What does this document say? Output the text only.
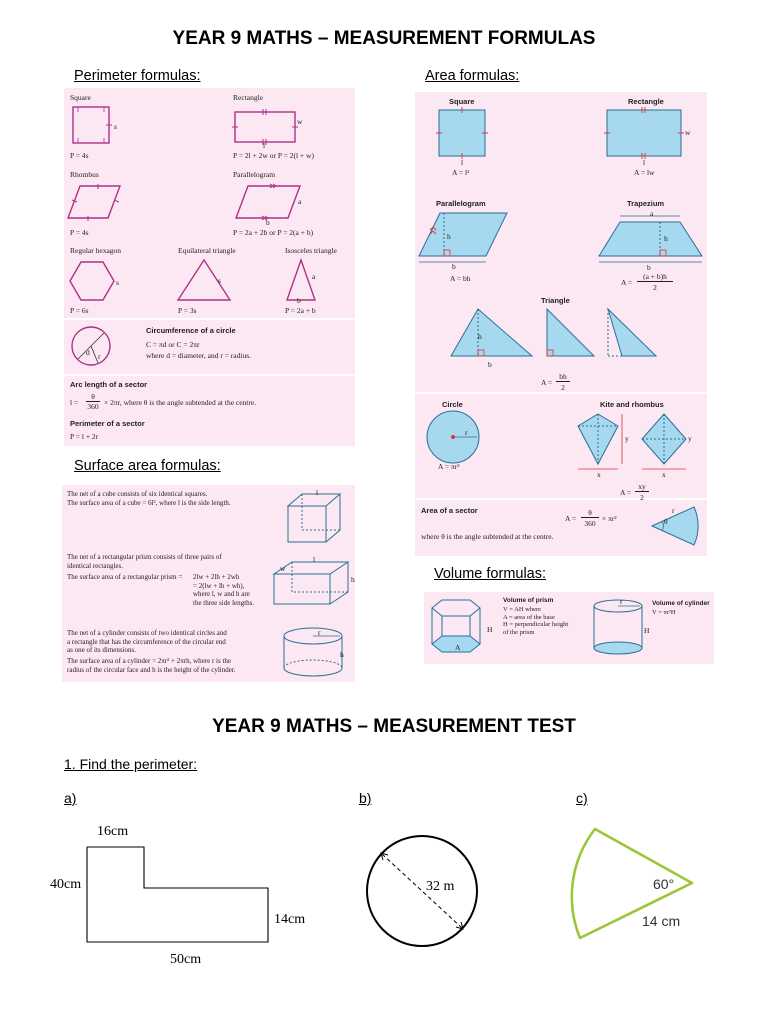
YEAR 9 MATHS – MEASUREMENT FORMULAS
Perimeter formulas:
Square
s
P = 4s
Rectangle
w
l
P = 2l + 2w or P = 2(l + w)
Rhombus
P = 4s
Parallelogram
b
a
P = 2a + 2b or P = 2(a + b)
Regular hexagon
s
P = 6s
Equilateral triangle
s
P = 3s
Isosceles triangle
a
b
P = 2a + b
d r
Circumference of a circle
C = πd or C = 2πr
where d = diameter, and r = radius.
Arc length of a sector
l =
θ
360 × 2πr, where θ is the angle subtended at the centre.
Perimeter of a sector
P = l + 2r
Area formulas:
Square
l
A = l²
Rectangle
w
l
A = lw
Parallelogram
h
b
A = bh
Trapezium
a
h
b
A =
(a + b)h
2
Triangle
h
b
A =
bh
2
Circle
r
A = πr²
Kite and rhombus
y	y
x	x
A =
xy
2
Area of a sector
A =
θ
360
× πr²
where θ is the angle subtended at the centre.
θ
r
Surface area formulas:
The net of a cube consists of six identical squares.
The surface area of a cube = 6l², where l is the side length.
l
The net of a rectangular prism consists of three pairs of
identical rectangles.
The surface area of a rectangular prism = 2lw + 2lh + 2wh
= 2(lw + lh + wh),
where l, w and h are
the three side lengths.
l
w
h
The net of a cylinder consists of two identical circles and
a rectangle that has the circumference of the circular end
as one of its dimensions.
The surface area of a cylinder = 2πr² + 2πrh, where r is the
radius of the circular face and h is the height of the cylinder.
h
r
Volume formulas:
A
H
Volume of prism
V = AH where
A = area of the base
H = perpendicular height
of the prism
r
H
Volume of cylinder
V = πr²H
YEAR 9 MATHS – MEASUREMENT TEST
1. Find the perimeter:
a)	b)	c)
16cm
40cm
14cm
50cm
32 m	60°
14 cm
